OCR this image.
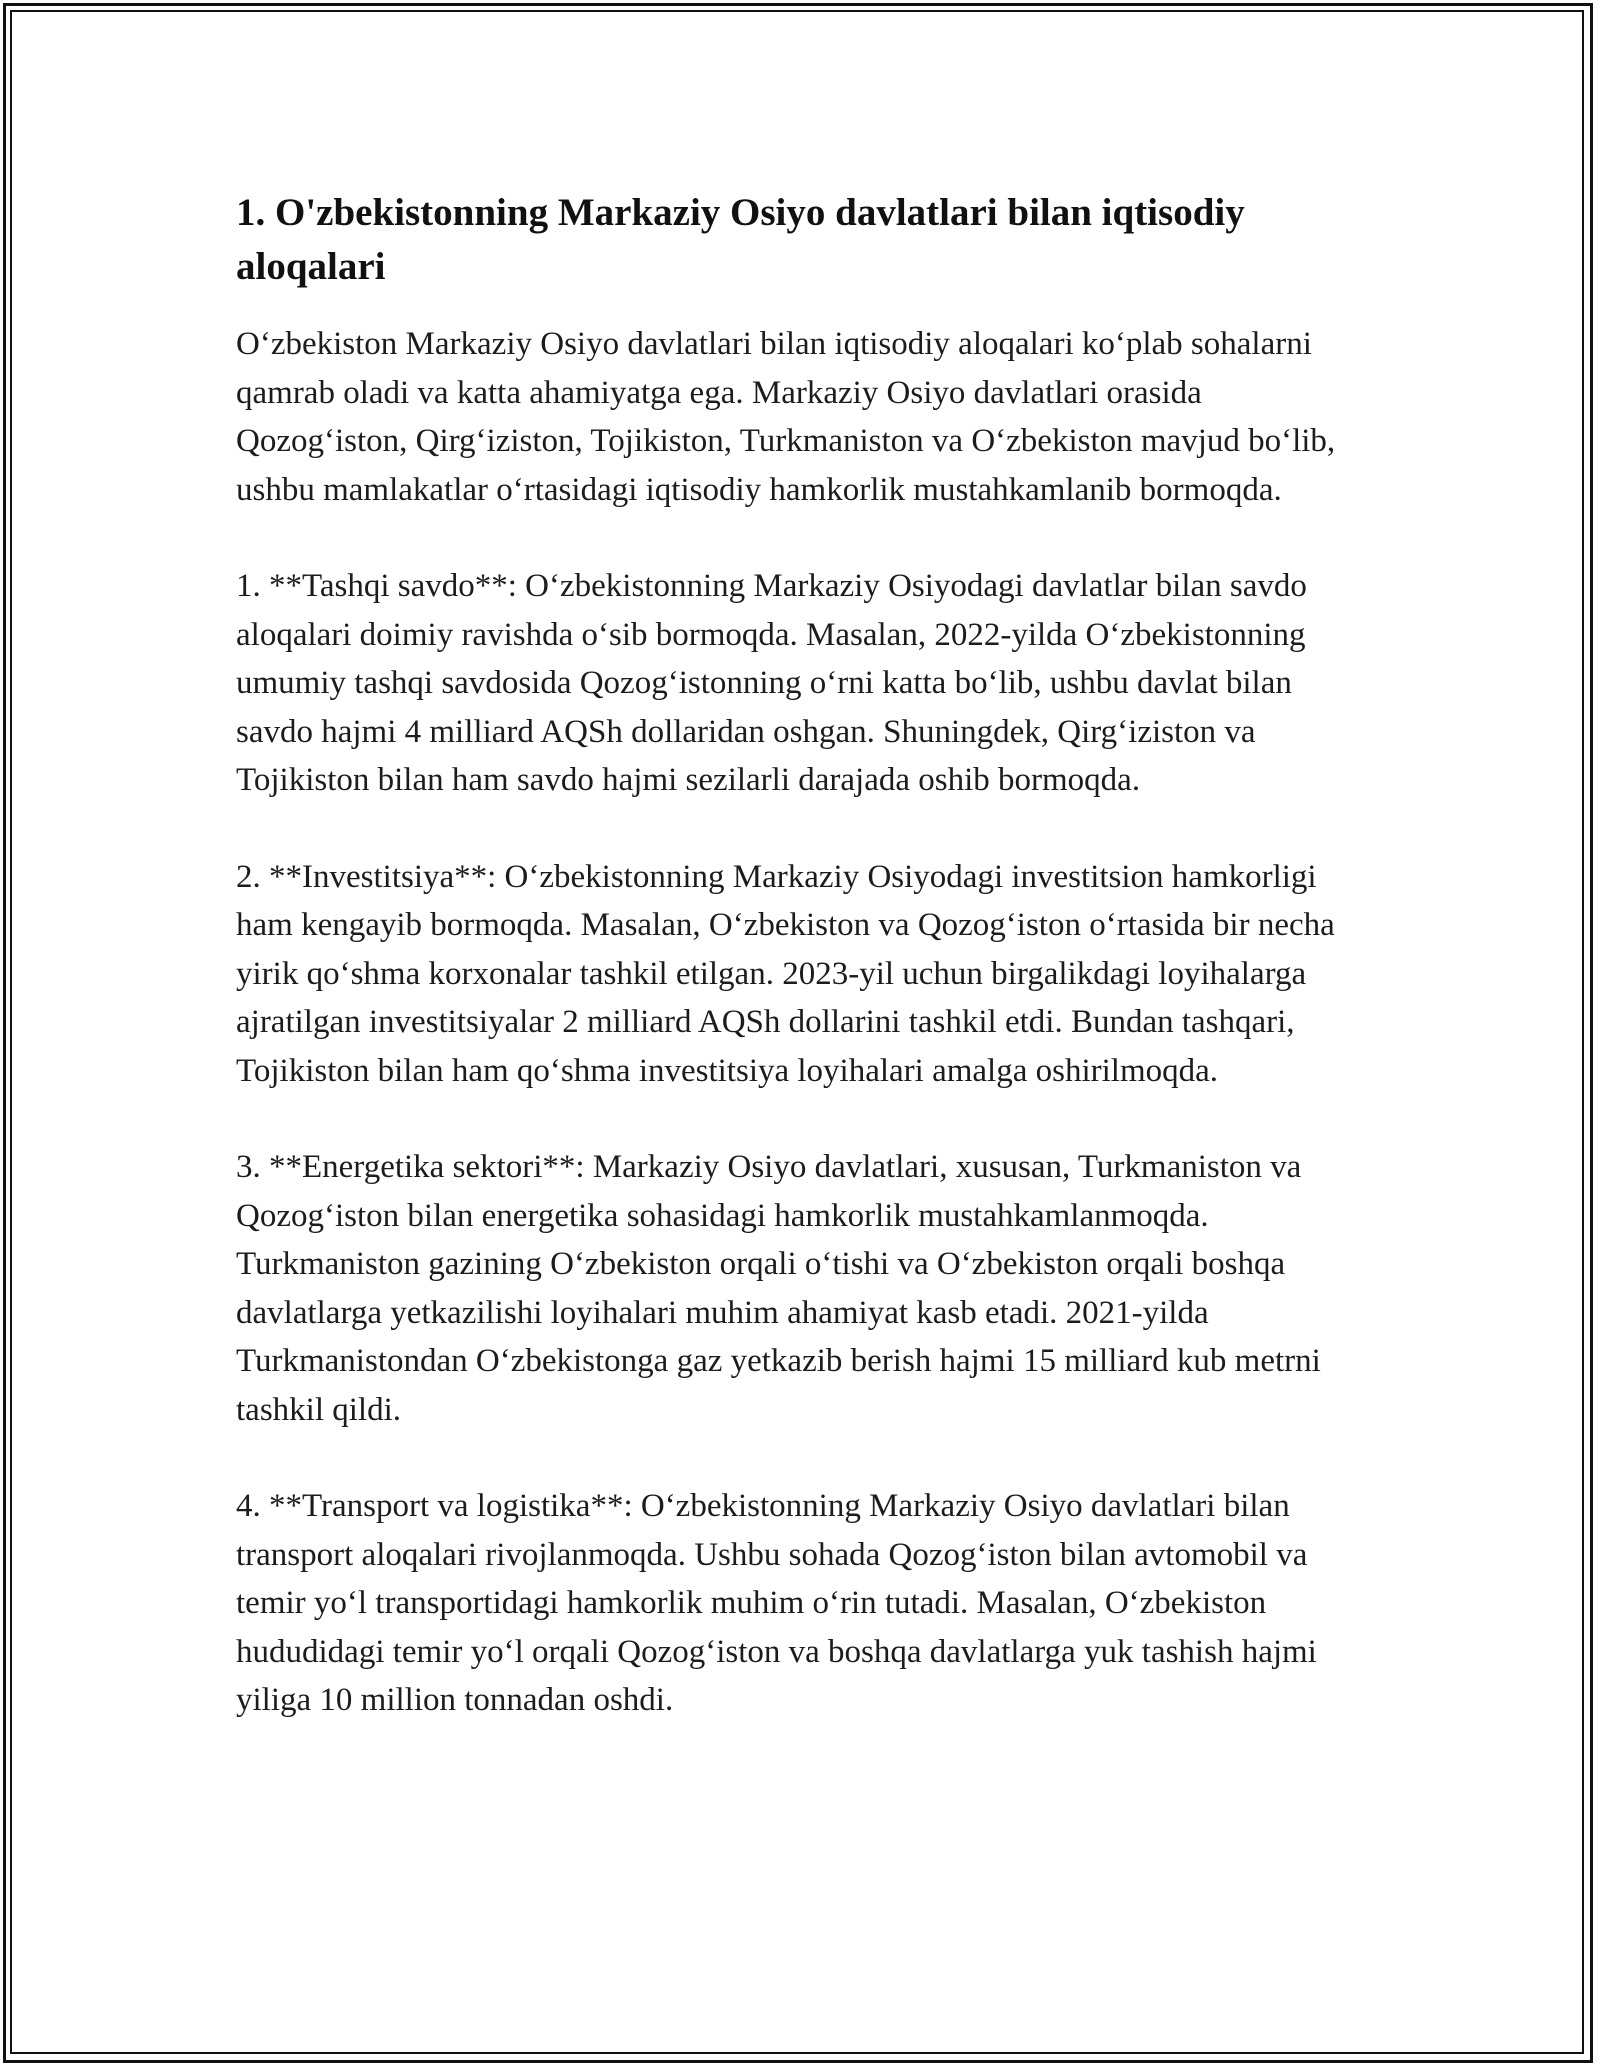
1. O'zbekistonning Markaziy Osiyo davlatlari bilan iqtisodiy aloqalari

O‘zbekiston Markaziy Osiyo davlatlari bilan iqtisodiy aloqalari ko‘plab sohalarni qamrab oladi va katta ahamiyatga ega. Markaziy Osiyo davlatlari orasida Qozog‘iston, Qirg‘iziston, Tojikiston, Turkmaniston va O‘zbekiston mavjud bo‘lib, ushbu mamlakatlar o‘rtasidagi iqtisodiy hamkorlik mustahkamlanib bormoqda.

1. **Tashqi savdo**: O‘zbekistonning Markaziy Osiyodagi davlatlar bilan savdo aloqalari doimiy ravishda o‘sib bormoqda. Masalan, 2022-yilda O‘zbekistonning umumiy tashqi savdosida Qozog‘istonning o‘rni katta bo‘lib, ushbu davlat bilan savdo hajmi 4 milliard AQSh dollaridan oshgan. Shuningdek, Qirg‘iziston va Tojikiston bilan ham savdo hajmi sezilarli darajada oshib bormoqda.

2. **Investitsiya**: O‘zbekistonning Markaziy Osiyodagi investitsion hamkorligi ham kengayib bormoqda. Masalan, O‘zbekiston va Qozog‘iston o‘rtasida bir necha yirik qo‘shma korxonalar tashkil etilgan. 2023-yil uchun birgalikdagi loyihalarga ajratilgan investitsiyalar 2 milliard AQSh dollarini tashkil etdi. Bundan tashqari, Tojikiston bilan ham qo‘shma investitsiya loyihalari amalga oshirilmoqda.

3. **Energetika sektori**: Markaziy Osiyo davlatlari, xususan, Turkmaniston va Qozog‘iston bilan energetika sohasidagi hamkorlik mustahkamlanmoqda. Turkmaniston gazining O‘zbekiston orqali o‘tishi va O‘zbekiston orqali boshqa davlatlarga yetkazilishi loyihalari muhim ahamiyat kasb etadi. 2021-yilda Turkmanistondan O‘zbekistonga gaz yetkazib berish hajmi 15 milliard kub metrni tashkil qildi.

4. **Transport va logistika**: O‘zbekistonning Markaziy Osiyo davlatlari bilan transport aloqalari rivojlanmoqda. Ushbu sohada Qozog‘iston bilan avtomobil va temir yo‘l transportidagi hamkorlik muhim o‘rin tutadi. Masalan, O‘zbekiston hududidagi temir yo‘l orqali Qozog‘iston va boshqa davlatlarga yuk tashish hajmi yiliga 10 million tonnadan oshdi.
